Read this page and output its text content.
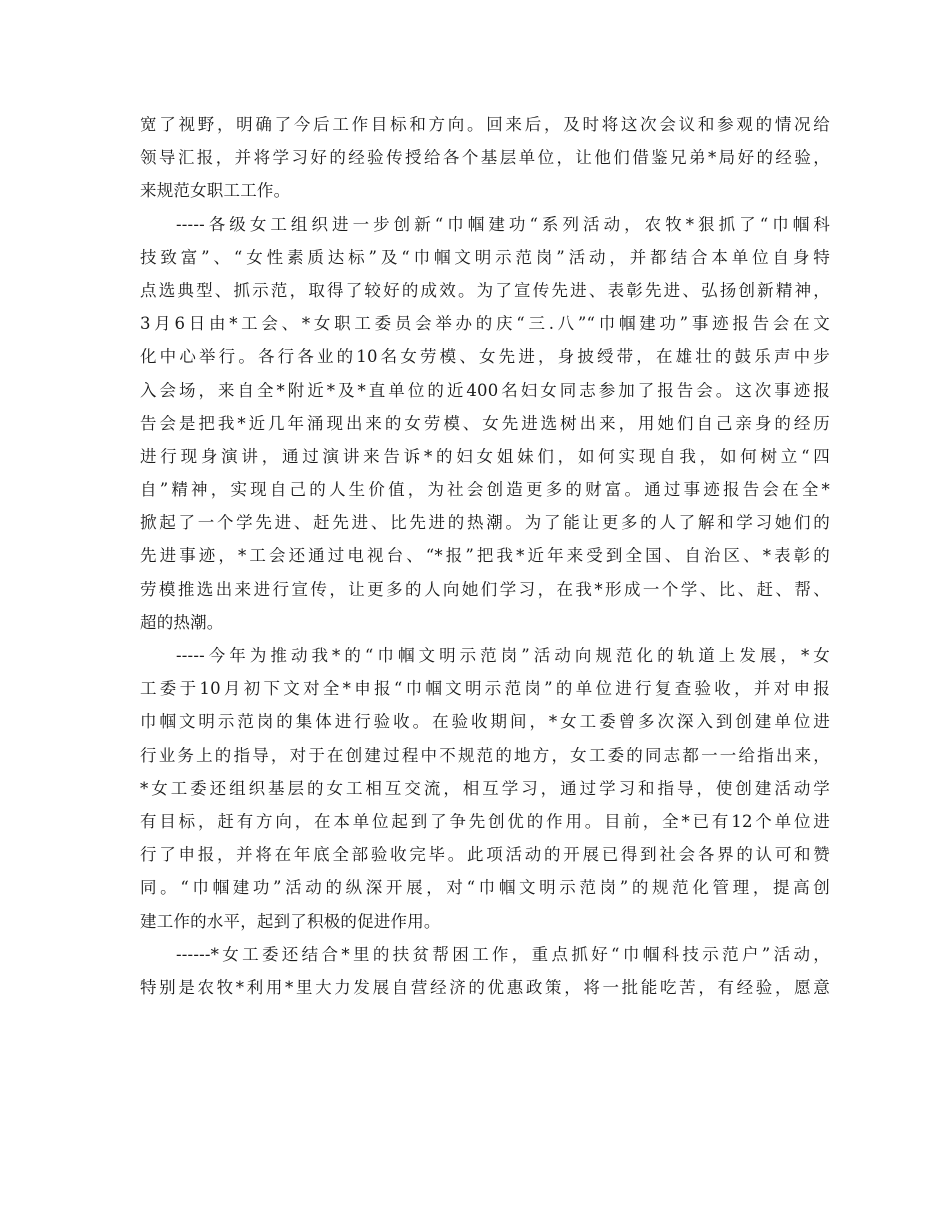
宽了视野，明确了今后工作目标和方向。回来后，及时将这次会议和参观的情况给
领导汇报，并将学习好的经验传授给各个基层单位，让他们借鉴兄弟*局好的经验，
来规范女职工工作。
-----各级女工组织进一步创新“巾帼建功“系列活动，农牧*狠抓了“巾帼科
技致富”、“女性素质达标”及“巾帼文明示范岗”活动，并都结合本单位自身特
点选典型、抓示范，取得了较好的成效。为了宣传先进、表彰先进、弘扬创新精神，
3月6日由*工会、*女职工委员会举办的庆“三.八”“巾帼建功”事迹报告会在文
化中心举行。各行各业的10名女劳模、女先进，身披绶带，在雄壮的鼓乐声中步
入会场，来自全*附近*及*直单位的近400名妇女同志参加了报告会。这次事迹报
告会是把我*近几年涌现出来的女劳模、女先进选树出来，用她们自己亲身的经历
进行现身演讲，通过演讲来告诉*的妇女姐妹们，如何实现自我，如何树立“四
自”精神，实现自己的人生价值，为社会创造更多的财富。通过事迹报告会在全*
掀起了一个学先进、赶先进、比先进的热潮。为了能让更多的人了解和学习她们的
先进事迹，*工会还通过电视台、“*报”把我*近年来受到全国、自治区、*表彰的
劳模推选出来进行宣传，让更多的人向她们学习，在我*形成一个学、比、赶、帮、
超的热潮。
-----今年为推动我*的“巾帼文明示范岗”活动向规范化的轨道上发展，*女
工委于10月初下文对全*申报“巾帼文明示范岗”的单位进行复查验收，并对申报
巾帼文明示范岗的集体进行验收。在验收期间，*女工委曾多次深入到创建单位进
行业务上的指导，对于在创建过程中不规范的地方，女工委的同志都一一给指出来，
*女工委还组织基层的女工相互交流，相互学习，通过学习和指导，使创建活动学
有目标，赶有方向，在本单位起到了争先创优的作用。目前，全*已有12个单位进
行了申报，并将在年底全部验收完毕。此项活动的开展已得到社会各界的认可和赞
同。“巾帼建功”活动的纵深开展，对“巾帼文明示范岗”的规范化管理，提高创
建工作的水平，起到了积极的促进作用。
------*女工委还结合*里的扶贫帮困工作，重点抓好“巾帼科技示范户”活动，
特别是农牧*利用*里大力发展自营经济的优惠政策，将一批能吃苦，有经验，愿意
